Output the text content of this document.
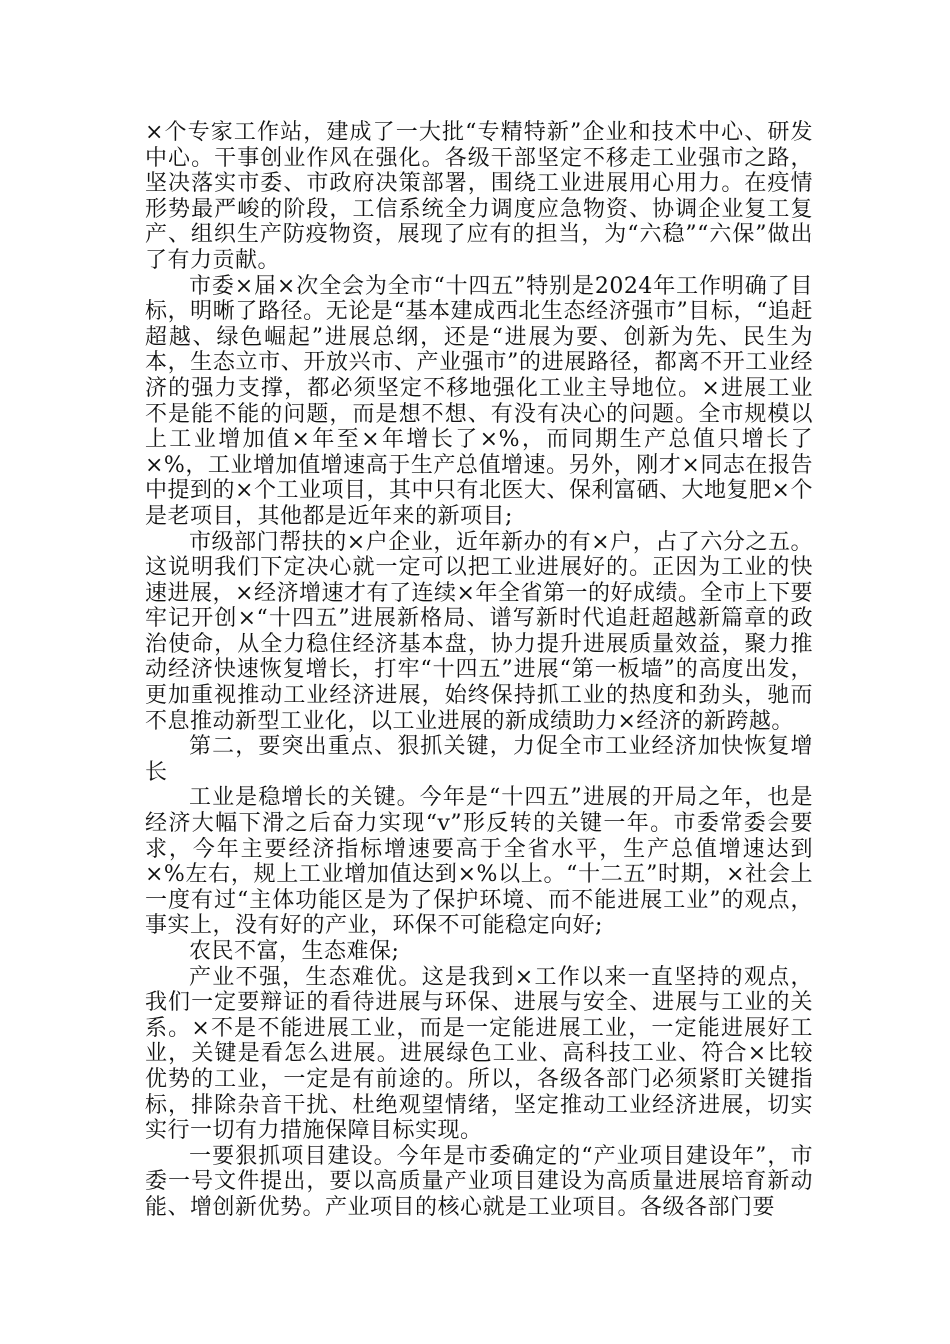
×个专家工作站，建成了一大批“专精特新”企业和技术中心、研发中心。干事创业作风在强化。各级干部坚定不移走工业强市之路，坚决落实市委、市政府决策部署，围绕工业进展用心用力。在疫情形势最严峻的阶段，工信系统全力调度应急物资、协调企业复工复产、组织生产防疫物资，展现了应有的担当，为“六稳”“六保”做出了有力贡献。

市委×届×次全会为全市“十四五”特别是2024年工作明确了目标，明晰了路径。无论是“基本建成西北生态经济强市”目标，“追赶超越、绿色崛起”进展总纲，还是“进展为要、创新为先、民生为本，生态立市、开放兴市、产业强市”的进展路径，都离不开工业经济的强力支撑，都必须坚定不移地强化工业主导地位。×进展工业不是能不能的问题，而是想不想、有没有决心的问题。全市规模以上工业增加值×年至×年增长了×%，而同期生产总值只增长了×%，工业增加值增速高于生产总值增速。另外，刚才×同志在报告中提到的×个工业项目，其中只有北医大、保利富硒、大地复肥×个是老项目，其他都是近年来的新项目;

市级部门帮扶的×户企业，近年新办的有×户，占了六分之五。这说明我们下定决心就一定可以把工业进展好的。正因为工业的快速进展，×经济增速才有了连续×年全省第一的好成绩。全市上下要牢记开创×“十四五”进展新格局、谱写新时代追赶超越新篇章的政治使命，从全力稳住经济基本盘，协力提升进展质量效益，聚力推动经济快速恢复增长，打牢“十四五”进展“第一板墙”的高度出发，更加重视推动工业经济进展，始终保持抓工业的热度和劲头，驰而不息推动新型工业化，以工业进展的新成绩助力×经济的新跨越。

第二，要突出重点、狠抓关键，力促全市工业经济加快恢复增长

工业是稳增长的关键。今年是“十四五”进展的开局之年，也是经济大幅下滑之后奋力实现“v”形反转的关键一年。市委常委会要求，今年主要经济指标增速要高于全省水平，生产总值增速达到×%左右，规上工业增加值达到×%以上。“十二五”时期，×社会上一度有过“主体功能区是为了保护环境、而不能进展工业”的观点，事实上，没有好的产业，环保不可能稳定向好;

农民不富，生态难保;

产业不强，生态难优。这是我到×工作以来一直坚持的观点，我们一定要辩证的看待进展与环保、进展与安全、进展与工业的关系。×不是不能进展工业，而是一定能进展工业，一定能进展好工业，关键是看怎么进展。进展绿色工业、高科技工业、符合×比较优势的工业，一定是有前途的。所以，各级各部门必须紧盯关键指标，排除杂音干扰、杜绝观望情绪，坚定推动工业经济进展，切实实行一切有力措施保障目标实现。

一要狠抓项目建设。今年是市委确定的“产业项目建设年”，市委一号文件提出，要以高质量产业项目建设为高质量进展培育新动能、增创新优势。产业项目的核心就是工业项目。各级各部门要
